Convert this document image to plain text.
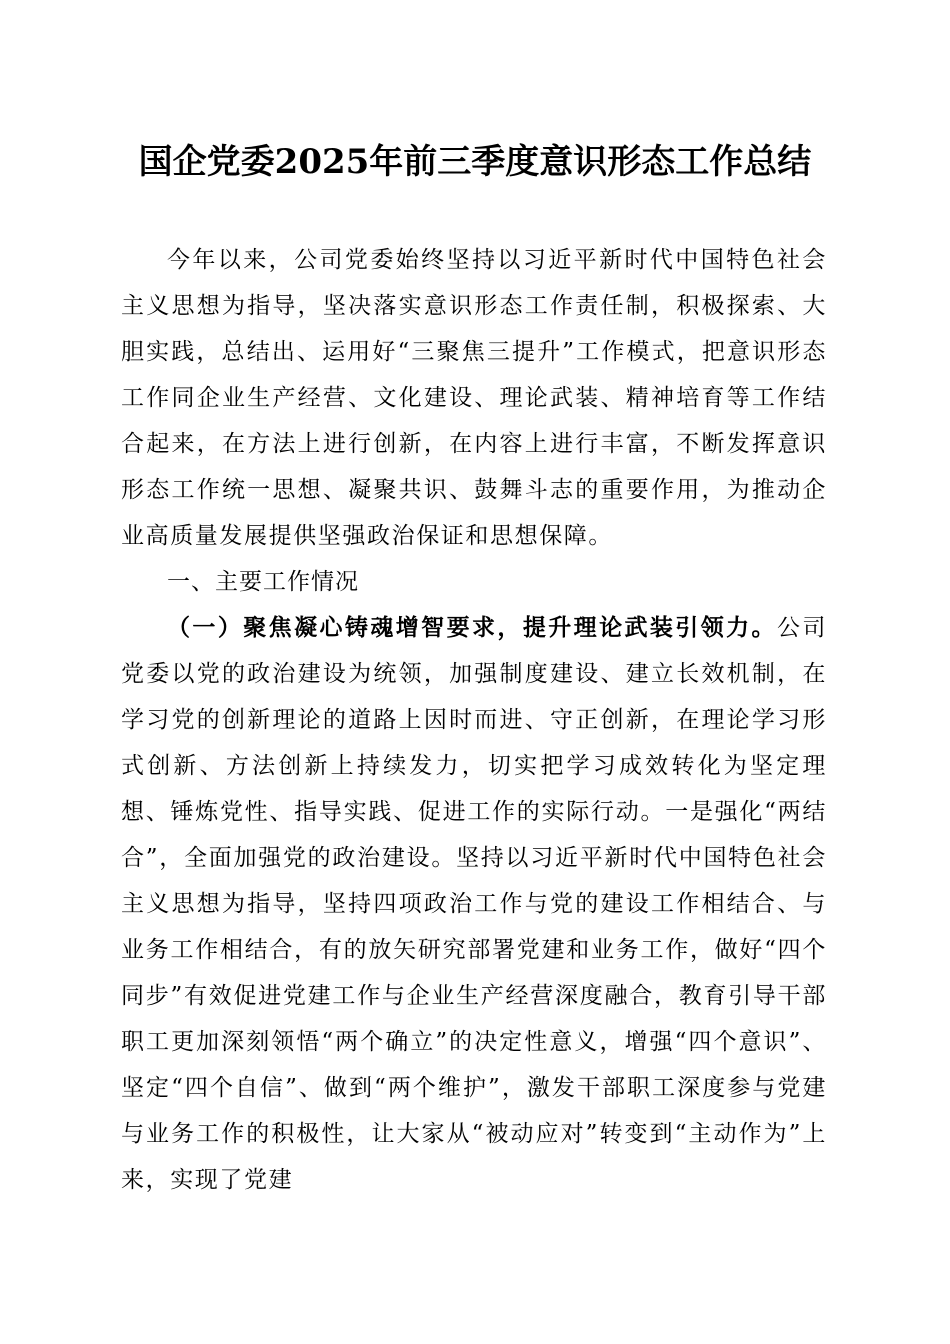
国企党委2025年前三季度意识形态工作总结

今年以来，公司党委始终坚持以习近平新时代中国特色社会主义思想为指导，坚决落实意识形态工作责任制，积极探索、大胆实践，总结出、运用好“三聚焦三提升”工作模式，把意识形态工作同企业生产经营、文化建设、理论武装、精神培育等工作结合起来，在方法上进行创新，在内容上进行丰富，不断发挥意识形态工作统一思想、凝聚共识、鼓舞斗志的重要作用，为推动企业高质量发展提供坚强政治保证和思想保障。

一、主要工作情况

（一）聚焦凝心铸魂增智要求，提升理论武装引领力。公司党委以党的政治建设为统领，加强制度建设、建立长效机制，在学习党的创新理论的道路上因时而进、守正创新，在理论学习形式创新、方法创新上持续发力，切实把学习成效转化为坚定理想、锤炼党性、指导实践、促进工作的实际行动。一是强化“两结合”，全面加强党的政治建设。坚持以习近平新时代中国特色社会主义思想为指导，坚持四项政治工作与党的建设工作相结合、与业务工作相结合，有的放矢研究部署党建和业务工作，做好“四个同步”有效促进党建工作与企业生产经营深度融合，教育引导干部职工更加深刻领悟“两个确立”的决定性意义，增强“四个意识”、坚定“四个自信”、做到“两个维护”，激发干部职工深度参与党建与业务工作的积极性，让大家从“被动应对”转变到“主动作为”上来，实现了党建
